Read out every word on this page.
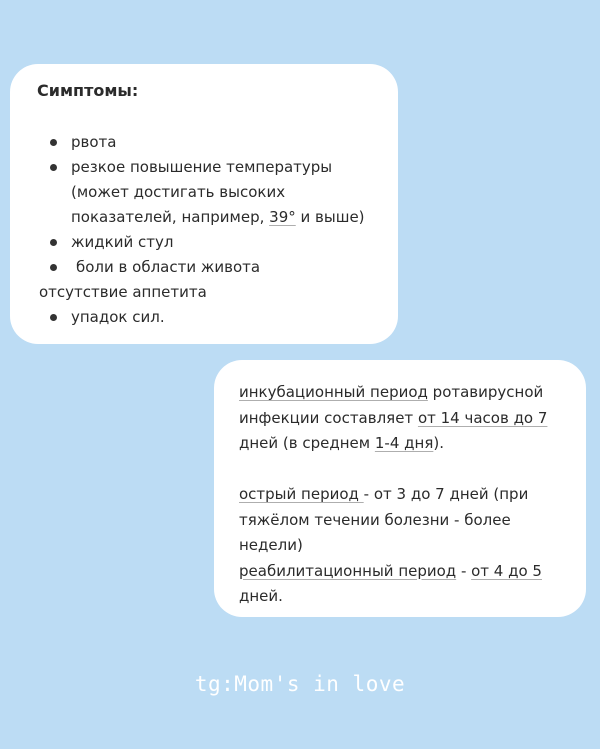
Симптомы:
рвота
резкое повышение температуры
(может достигать высоких
показателей, например, 39° и выше)
жидкий стул
боли в области живота
отсутствие аппетита
упадок сил.
инкубационный период ротавирусной
инфекции составляет от 14 часов до 7
дней (в среднем 1-4 дня).
острый период - от 3 до 7 дней (при
тяжёлом течении болезни - более
недели)
реабилитационный период - от 4 до 5
дней.
tg:Mom's in love
